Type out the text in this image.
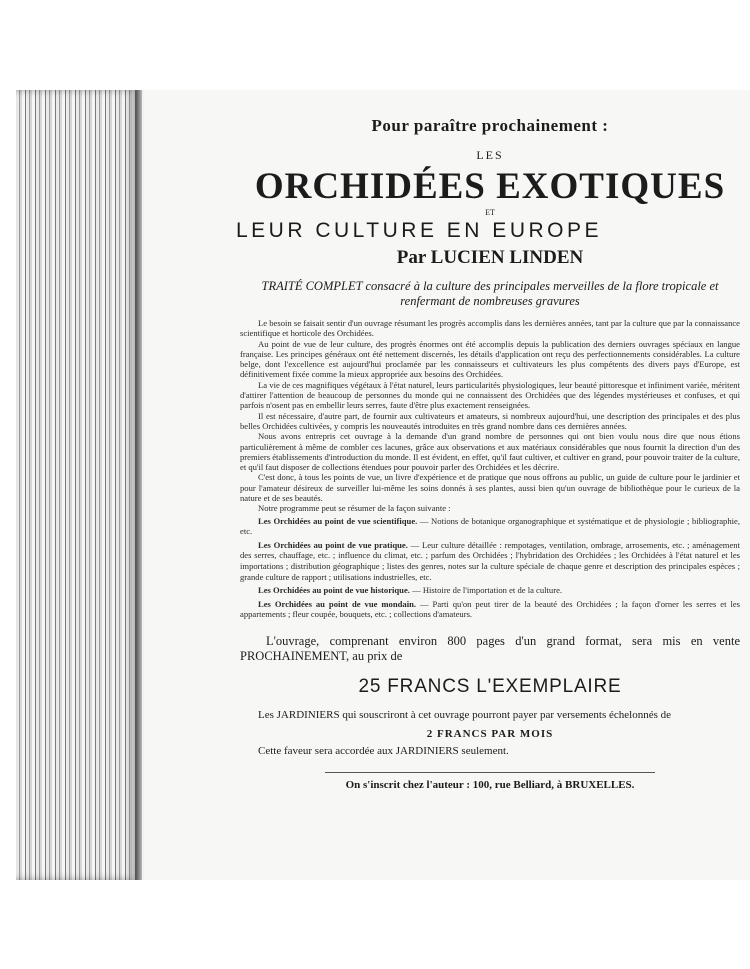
Pour paraître prochainement :
LES
ORCHIDÉES EXOTIQUES
ET
LEUR CULTURE EN EUROPE
Par LUCIEN LINDEN
TRAITÉ COMPLET consacré à la culture des principales merveilles de la flore tropicale et renfermant de nombreuses gravures

Le besoin se faisait sentir d'un ouvrage résumant les progrès accomplis dans les dernières années, tant par la culture que par la connaissance scientifique et horticole des Orchidées.

Au point de vue de leur culture, des progrès énormes ont été accomplis depuis la publication des derniers ouvrages spéciaux en langue française. Les principes généraux ont été nettement discernés, les détails d'application ont reçu des perfectionnements considérables. La culture belge, dont l'excellence est aujourd'hui proclamée par les connaisseurs et cultivateurs les plus compétents des divers pays d'Europe, est définitivement fixée comme la mieux appropriée aux besoins des Orchidées.

La vie de ces magnifiques végétaux à l'état naturel, leurs particularités physiologiques, leur beauté pittoresque et infiniment variée, méritent d'attirer l'attention de beaucoup de personnes du monde qui ne connaissent des Orchidées que des légendes mystérieuses et confuses, et qui parfois n'osent pas en embellir leurs serres, faute d'être plus exactement renseignées.

Il est nécessaire, d'autre part, de fournir aux cultivateurs et amateurs, si nombreux aujourd'hui, une description des principales et des plus belles Orchidées cultivées, y compris les nouveautés introduites en très grand nombre dans ces dernières années.

Nous avons entrepris cet ouvrage à la demande d'un grand nombre de personnes qui ont bien voulu nous dire que nous étions particulièrement à même de combler ces lacunes, grâce aux observations et aux matériaux considérables que nous fournit la direction d'un des premiers établissements d'introduction du monde. Il est évident, en effet, qu'il faut cultiver, et cultiver en grand, pour pouvoir traiter de la culture, et qu'il faut disposer de collections étendues pour pouvoir parler des Orchidées et les décrire.

C'est donc, à tous les points de vue, un livre d'expérience et de pratique que nous offrons au public, un guide de culture pour le jardinier et pour l'amateur désireux de surveiller lui-même les soins donnés à ses plantes, aussi bien qu'un ouvrage de bibliothèque pour le curieux de la nature et de ses beautés.

Notre programme peut se résumer de la façon suivante :

Les Orchidées au point de vue scientifique. — Notions de botanique organographique et systématique et de physiologie ; bibliographie, etc.
Les Orchidées au point de vue pratique. — Leur culture détaillée : rempotages, ventilation, ombrage, arrosements, etc. ; aménagement des serres, chauffage, etc. ; influence du climat, etc. ; parfum des Orchidées ; l'hybridation des Orchidées ; les Orchidées à l'état naturel et les importations ; distribution géographique ; listes des genres, notes sur la culture spéciale de chaque genre et description des principales espèces ; grande culture de rapport ; utilisations industrielles, etc.
Les Orchidées au point de vue historique. — Histoire de l'importation et de la culture.
Les Orchidées au point de vue mondain. — Parti qu'on peut tirer de la beauté des Orchidées ; la façon d'orner les serres et les appartements ; fleur coupée, bouquets, etc. ; collections d'amateurs.
L'ouvrage, comprenant environ 800 pages d'un grand format, sera mis en vente PROCHAINEMENT, au prix de
25 FRANCS L'EXEMPLAIRE
Les JARDINIERS qui souscriront à cet ouvrage pourront payer par versements échelonnés de
2 FRANCS PAR MOIS
Cette faveur sera accordée aux JARDINIERS seulement.
On s'inscrit chez l'auteur : 100, rue Belliard, à BRUXELLES.
